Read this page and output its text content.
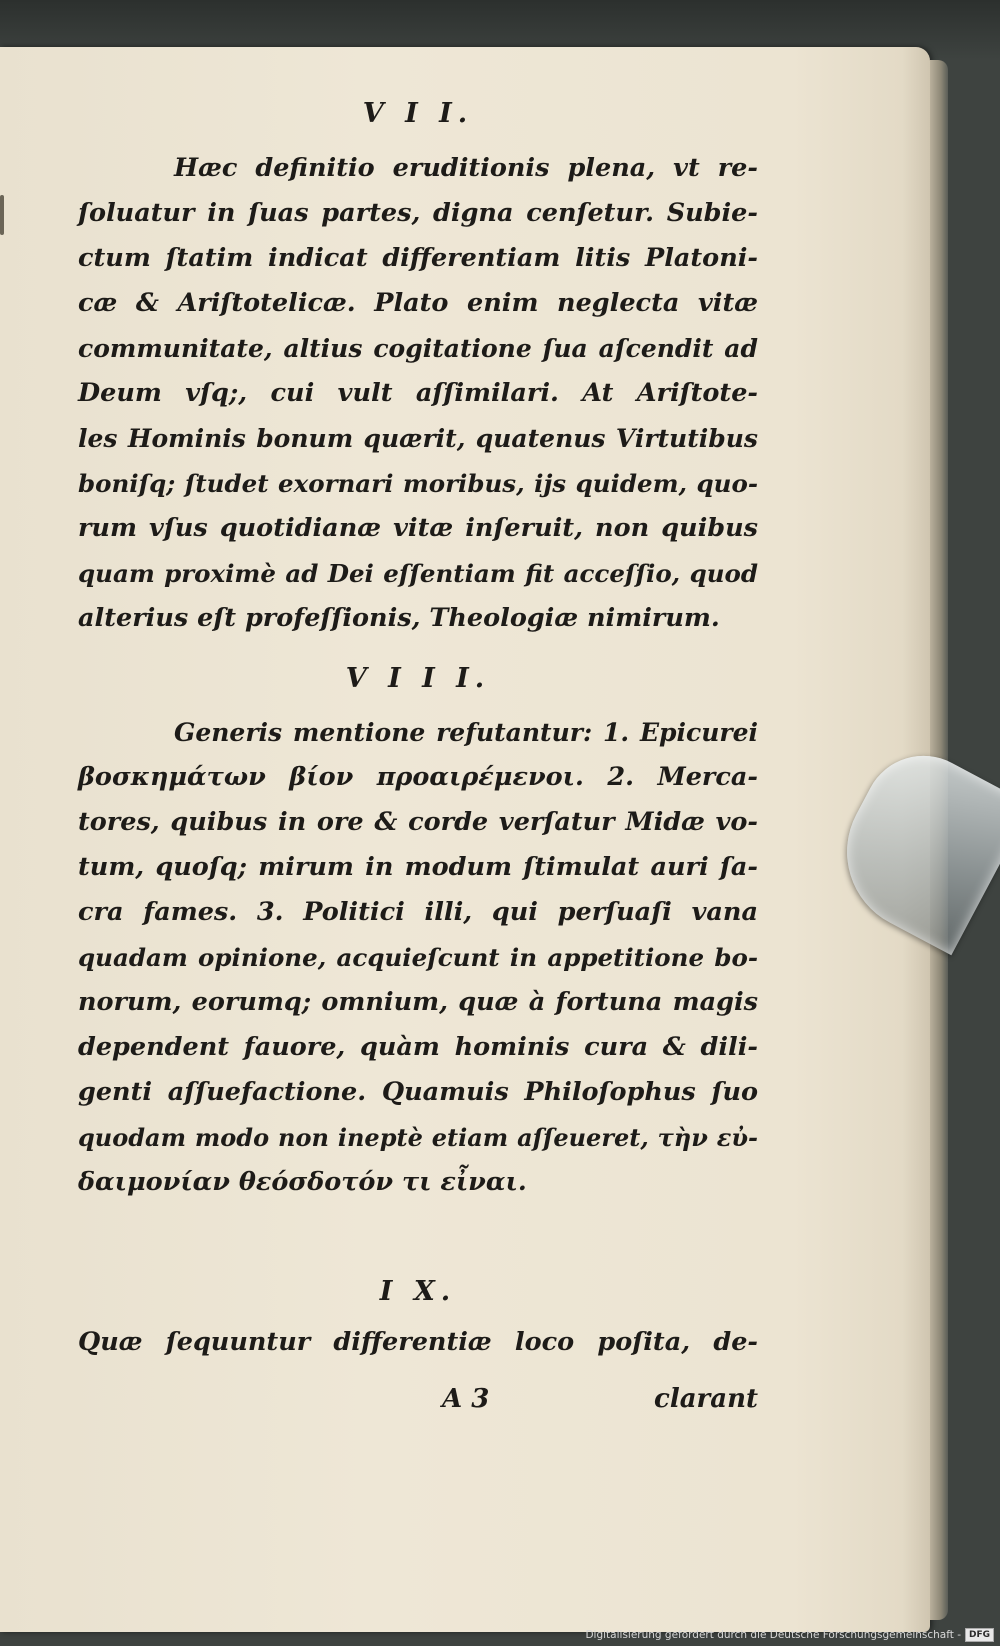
V I I.
Hæc definitio eruditionis plena, vt re-
ſoluatur in ſuas partes, digna cenſetur. Subie-
ctum ſtatim indicat differentiam litis Platoni-
cæ & Ariſtotelicæ. Plato enim neglecta vitæ
communitate, altius cogitatione ſua aſcendit ad
Deum vſq;, cui vult aſſimilari. At Ariſtote-
les Hominis bonum quærit, quatenus Virtutibus
boniſq; ſtudet exornari moribus, ijs quidem, quo-
rum vſus quotidianæ vitæ inſeruit, non quibus
quam proximè ad Dei eſſentiam fit acceſſio, quod
alterius eſt profeſſionis, Theologiæ nimirum.
V I I I.
Generis mentione refutantur: 1. Epicurei
βοσκημάτων βίον προαιρέμενοι. 2. Merca-
tores, quibus in ore & corde verſatur Midæ vo-
tum, quoſq; mirum in modum ſtimulat auri ſa-
cra fames. 3. Politici illi, qui perſuaſi vana
quadam opinione, acquieſcunt in appetitione bo-
norum, eorumq; omnium, quæ à fortuna magis
dependent fauore, quàm hominis cura & dili-
genti aſſuefactione. Quamuis Philoſophus ſuo
quodam modo non ineptè etiam aſſeueret, τὴν εὐ-
δαιμονίαν θεόσδοτόν τι εἶναι.
I X.
Quæ ſequuntur differentiæ loco poſita, de-
A 3	clarant
Digitalisierung gefördert durch die Deutsche Forschungsgemeinschaft - DFG
